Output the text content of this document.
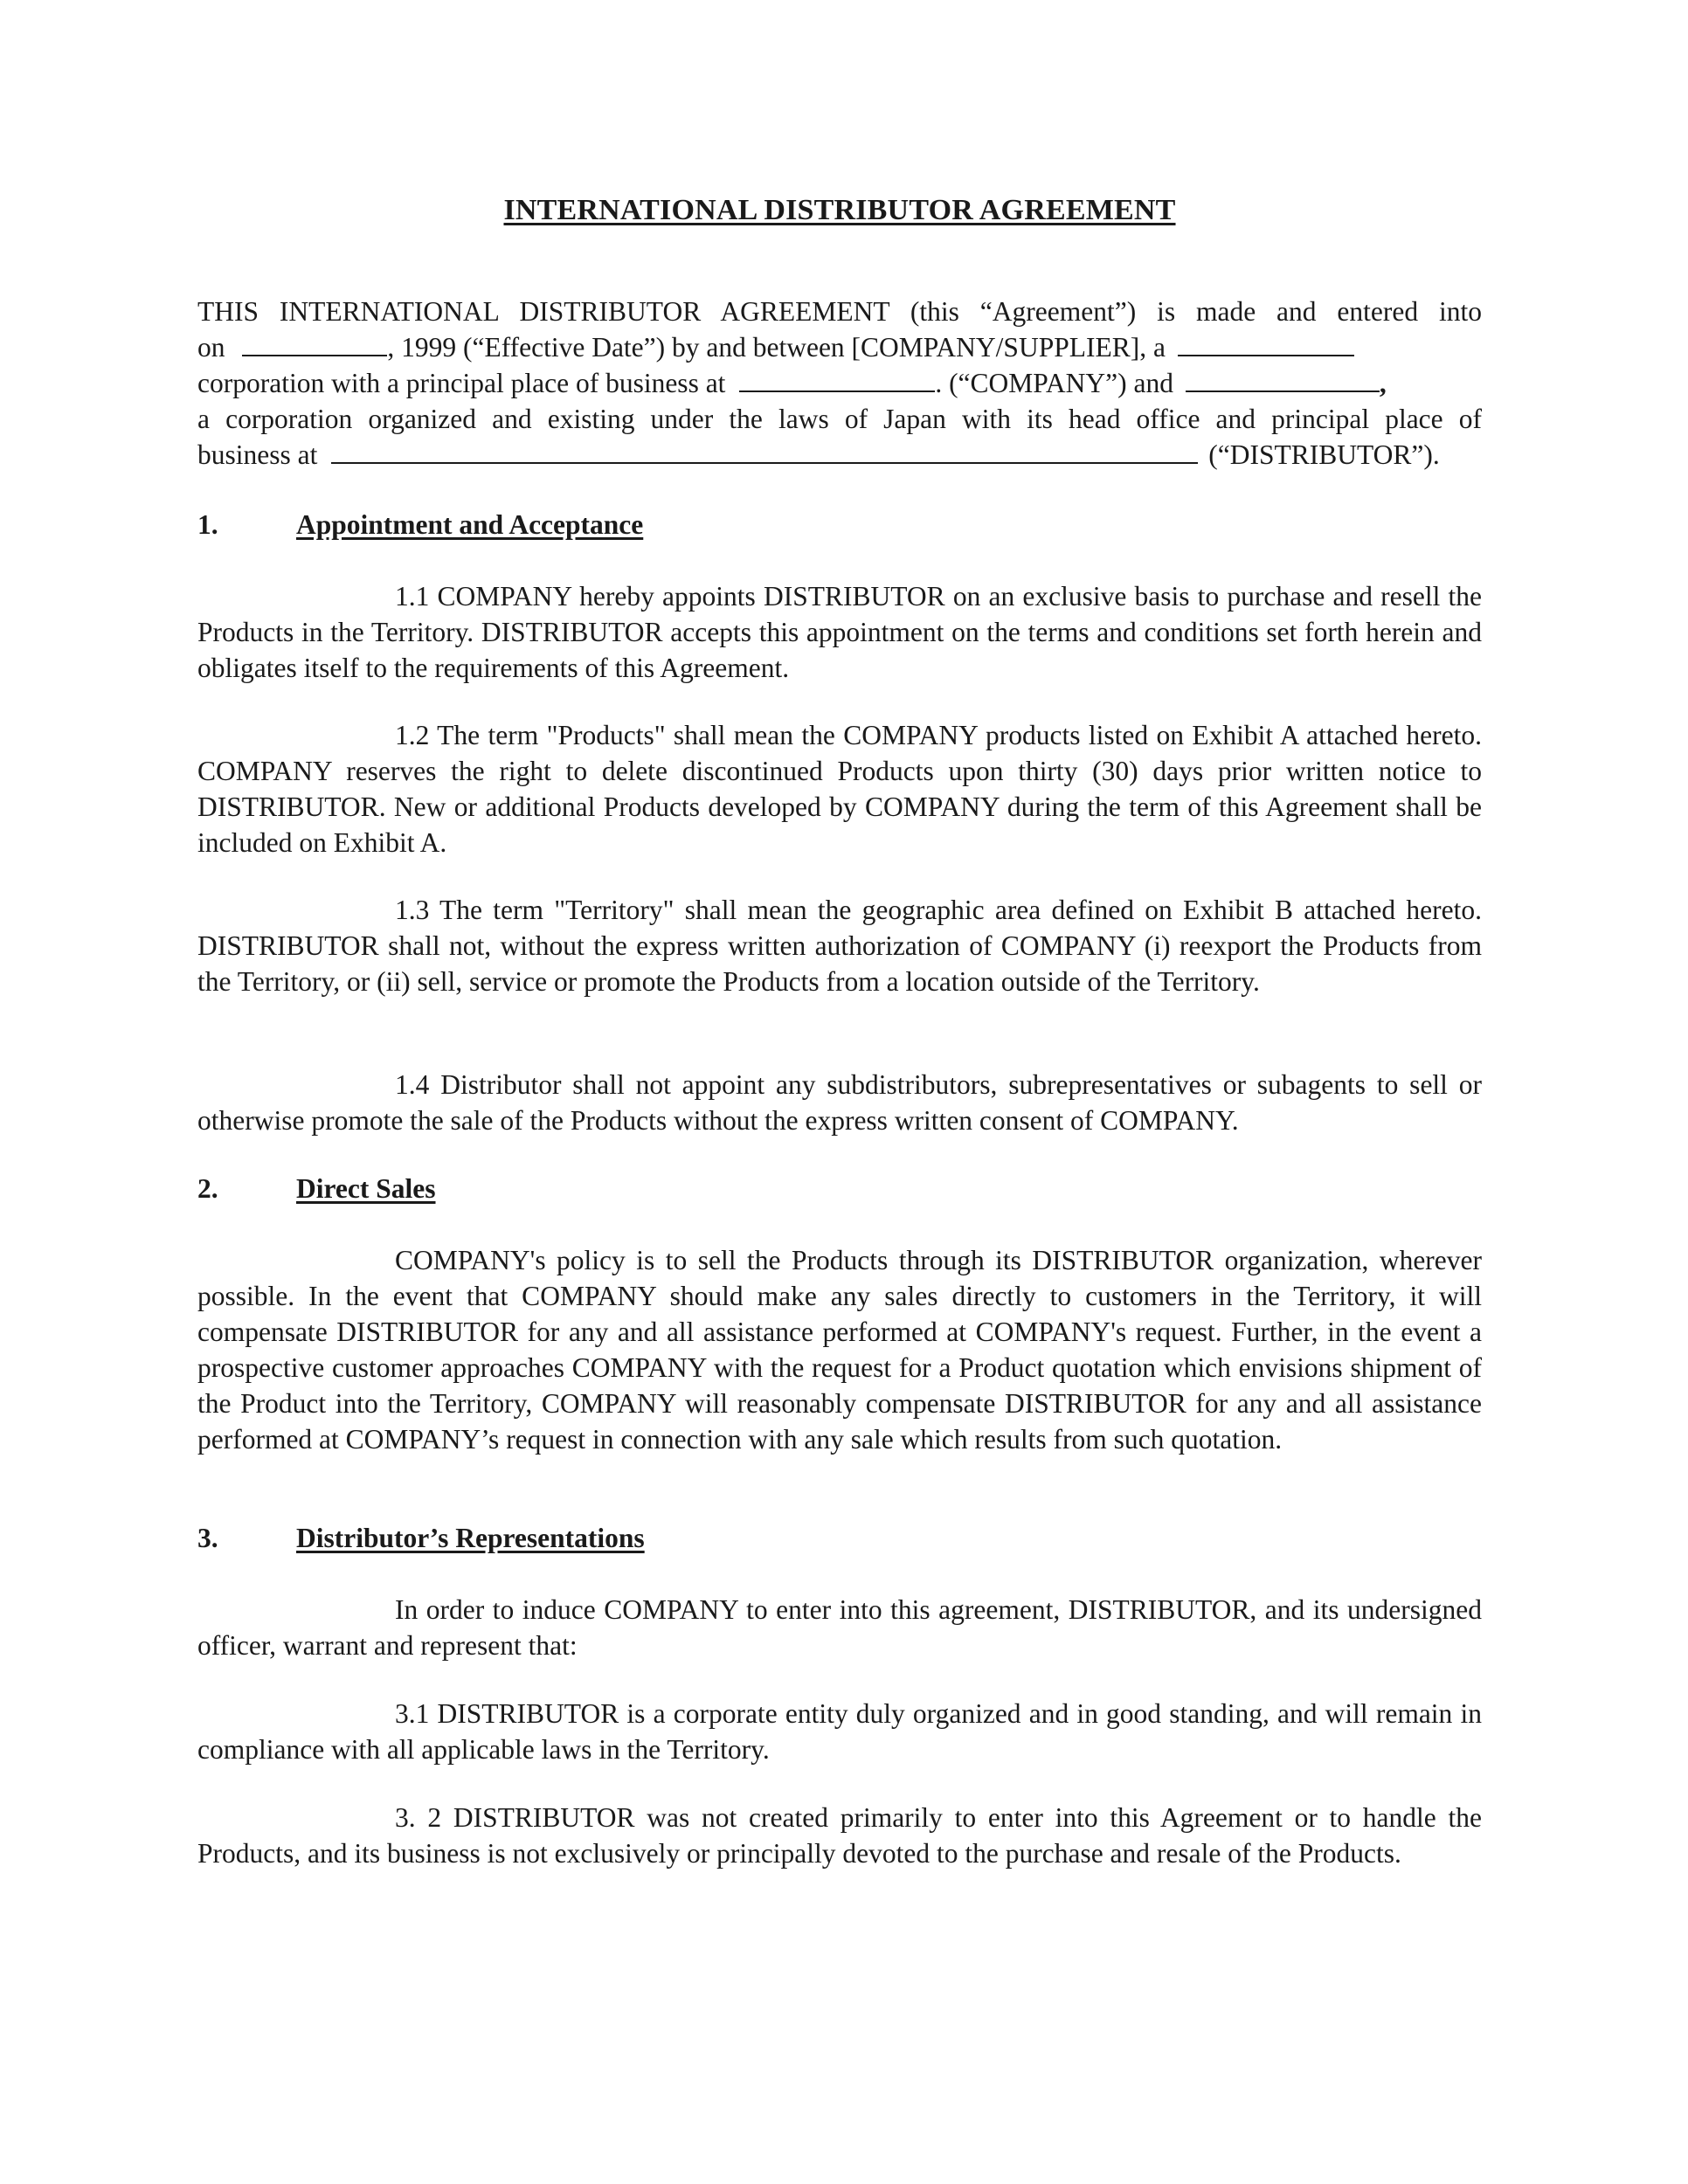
INTERNATIONAL DISTRIBUTOR AGREEMENT
THIS INTERNATIONAL DISTRIBUTOR AGREEMENT (this “Agreement”) is made and entered into
on	, 1999 (“Effective Date”) by and between [COMPANY/SUPPLIER], a
corporation with a principal place of business at	. (“COMPANY”) and	,
a corporation organized and existing under the laws of Japan with its head office and principal place of
business at	(“DISTRIBUTOR”).
1.	Appointment and Acceptance
1.1 COMPANY hereby appoints DISTRIBUTOR on an exclusive basis to purchase and resell the Products in the Territory. DISTRIBUTOR accepts this appointment on the terms and conditions set forth herein and obligates itself to the requirements of this Agreement.
1.2 The term "Products" shall mean the COMPANY products listed on Exhibit A attached hereto. COMPANY reserves the right to delete discontinued Products upon thirty (30) days prior written notice to DISTRIBUTOR. New or additional Products developed by COMPANY during the term of this Agreement shall be included on Exhibit A.
1.3 The term "Territory" shall mean the geographic area defined on Exhibit B attached hereto. DISTRIBUTOR shall not, without the express written authorization of COMPANY (i) reexport the Products from the Territory, or (ii) sell, service or promote the Products from a location outside of the Territory.
1.4 Distributor shall not appoint any subdistributors, subrepresentatives or subagents to sell or otherwise promote the sale of the Products without the express written consent of COMPANY.
2.	Direct Sales
COMPANY's policy is to sell the Products through its DISTRIBUTOR organization, wherever possible. In the event that COMPANY should make any sales directly to customers in the Territory, it will compensate DISTRIBUTOR for any and all assistance performed at COMPANY's request. Further, in the event a prospective customer approaches COMPANY with the request for a Product quotation which envisions shipment of the Product into the Territory, COMPANY will reasonably compensate DISTRIBUTOR for any and all assistance performed at COMPANY’s request in connection with any sale which results from such quotation.
3.	Distributor’s Representations
In order to induce COMPANY to enter into this agreement, DISTRIBUTOR, and its undersigned officer, warrant and represent that:
3.1 DISTRIBUTOR is a corporate entity duly organized and in good standing, and will remain in compliance with all applicable laws in the Territory.
3. 2 DISTRIBUTOR was not created primarily to enter into this Agreement or to handle the Products, and its business is not exclusively or principally devoted to the purchase and resale of the Products.
